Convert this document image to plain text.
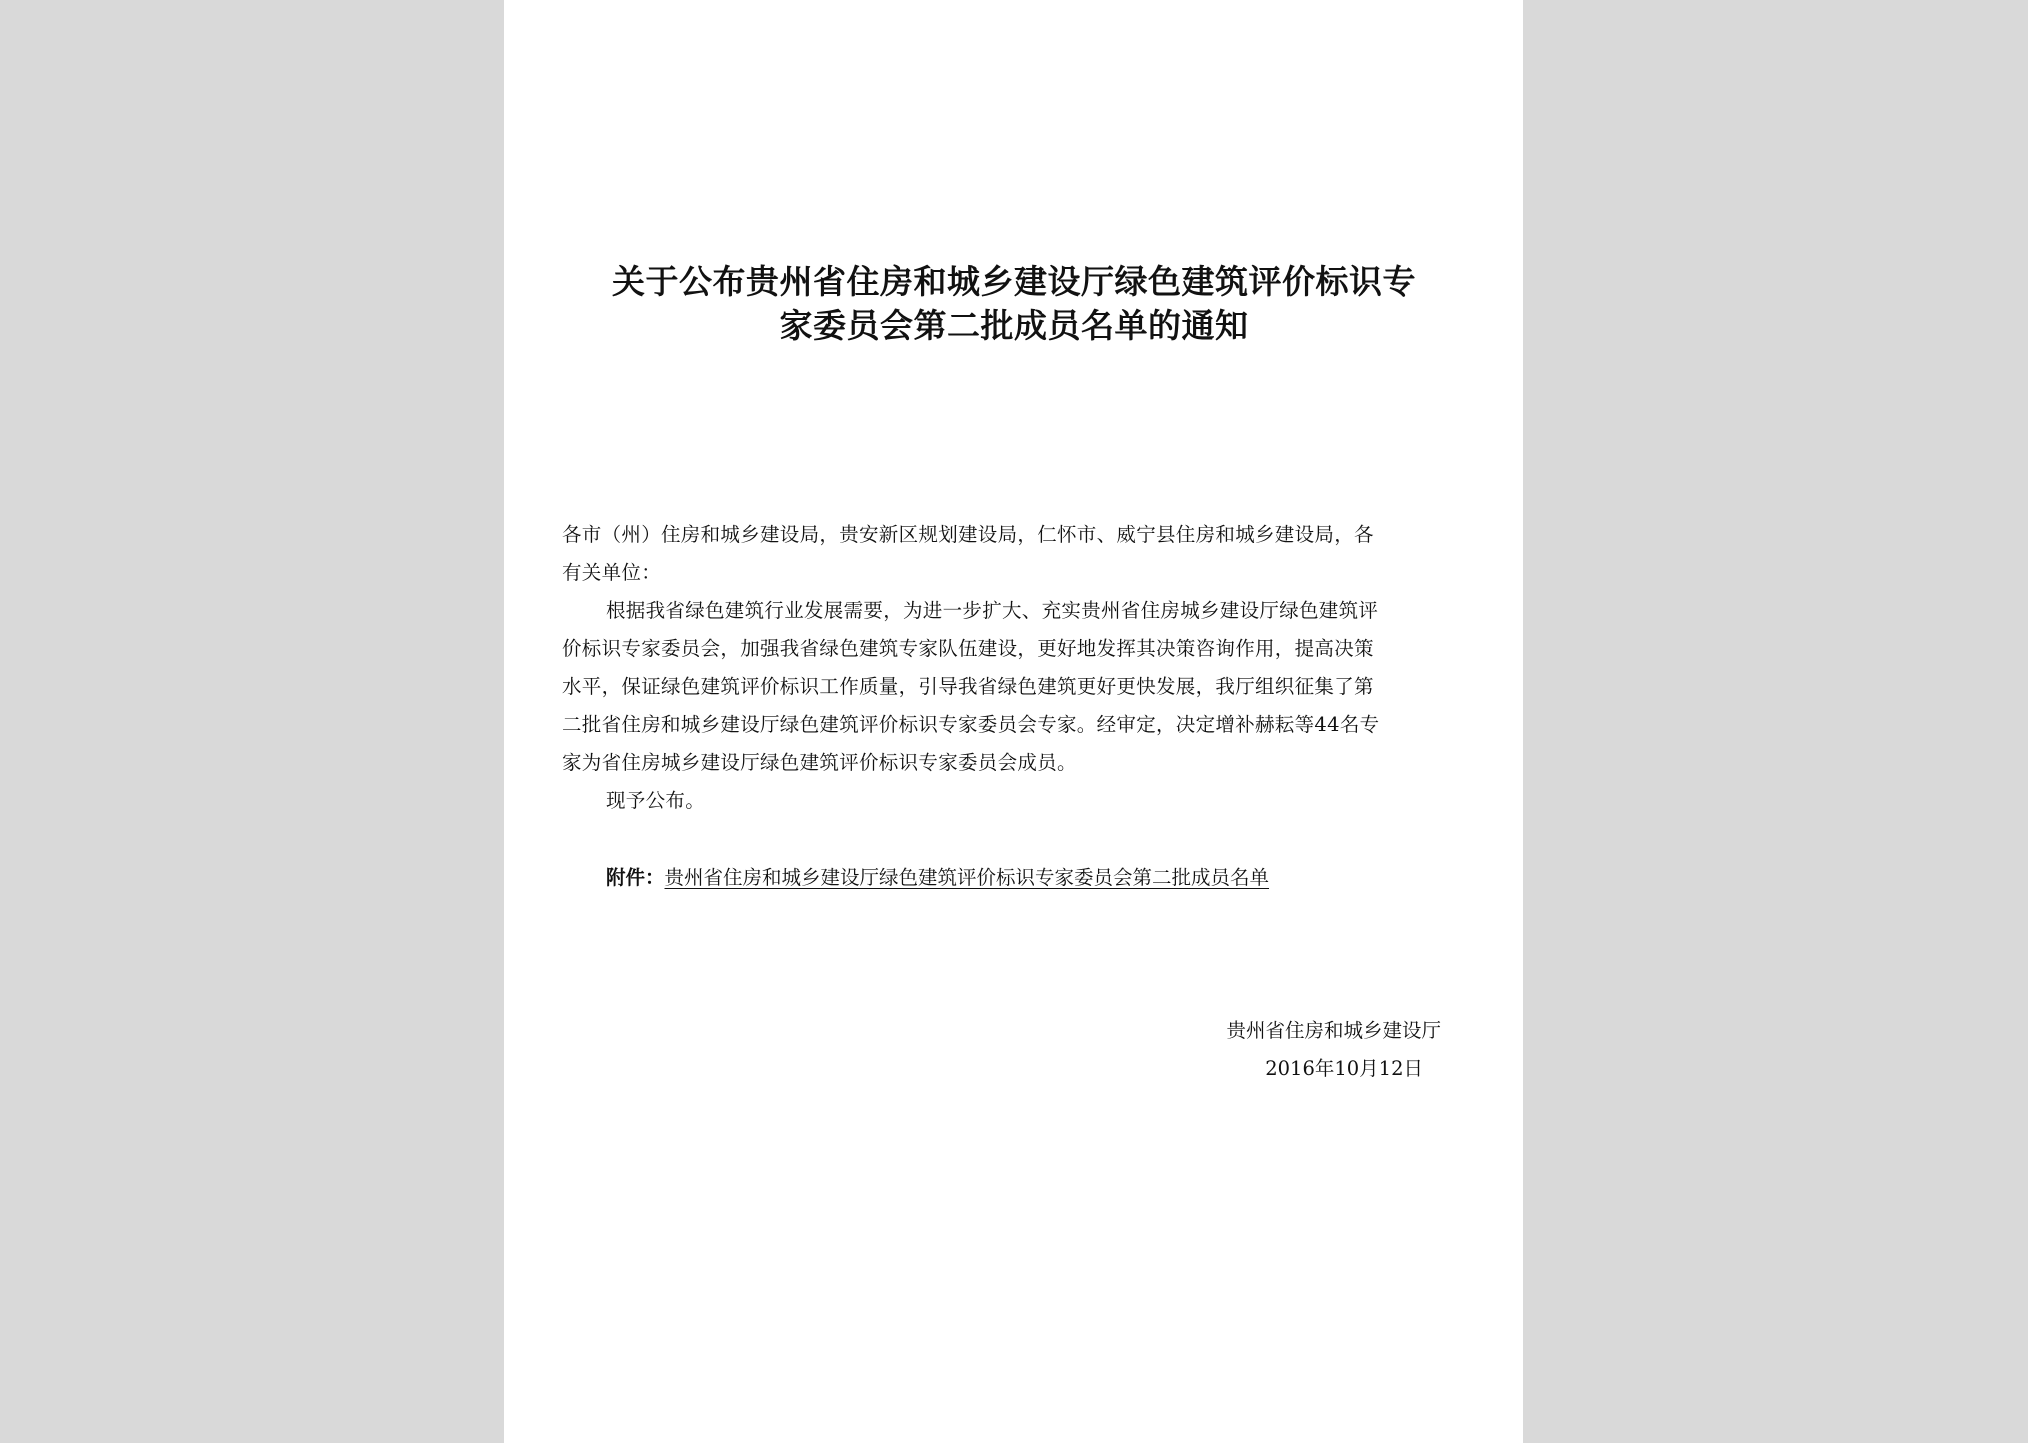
关于公布贵州省住房和城乡建设厅绿色建筑评价标识专
家委员会第二批成员名单的通知
各市（州）住房和城乡建设局，贵安新区规划建设局，仁怀市、威宁县住房和城乡建设局，各
有关单位：
根据我省绿色建筑行业发展需要，为进一步扩大、充实贵州省住房城乡建设厅绿色建筑评
价标识专家委员会，加强我省绿色建筑专家队伍建设，更好地发挥其决策咨询作用，提高决策
水平，保证绿色建筑评价标识工作质量，引导我省绿色建筑更好更快发展，我厅组织征集了第
二批省住房和城乡建设厅绿色建筑评价标识专家委员会专家。经审定，决定增补赫耘等44名专
家为省住房城乡建设厅绿色建筑评价标识专家委员会成员。
现予公布。
附件：贵州省住房和城乡建设厅绿色建筑评价标识专家委员会第二批成员名单
贵州省住房和城乡建设厅
2016年10月12日
